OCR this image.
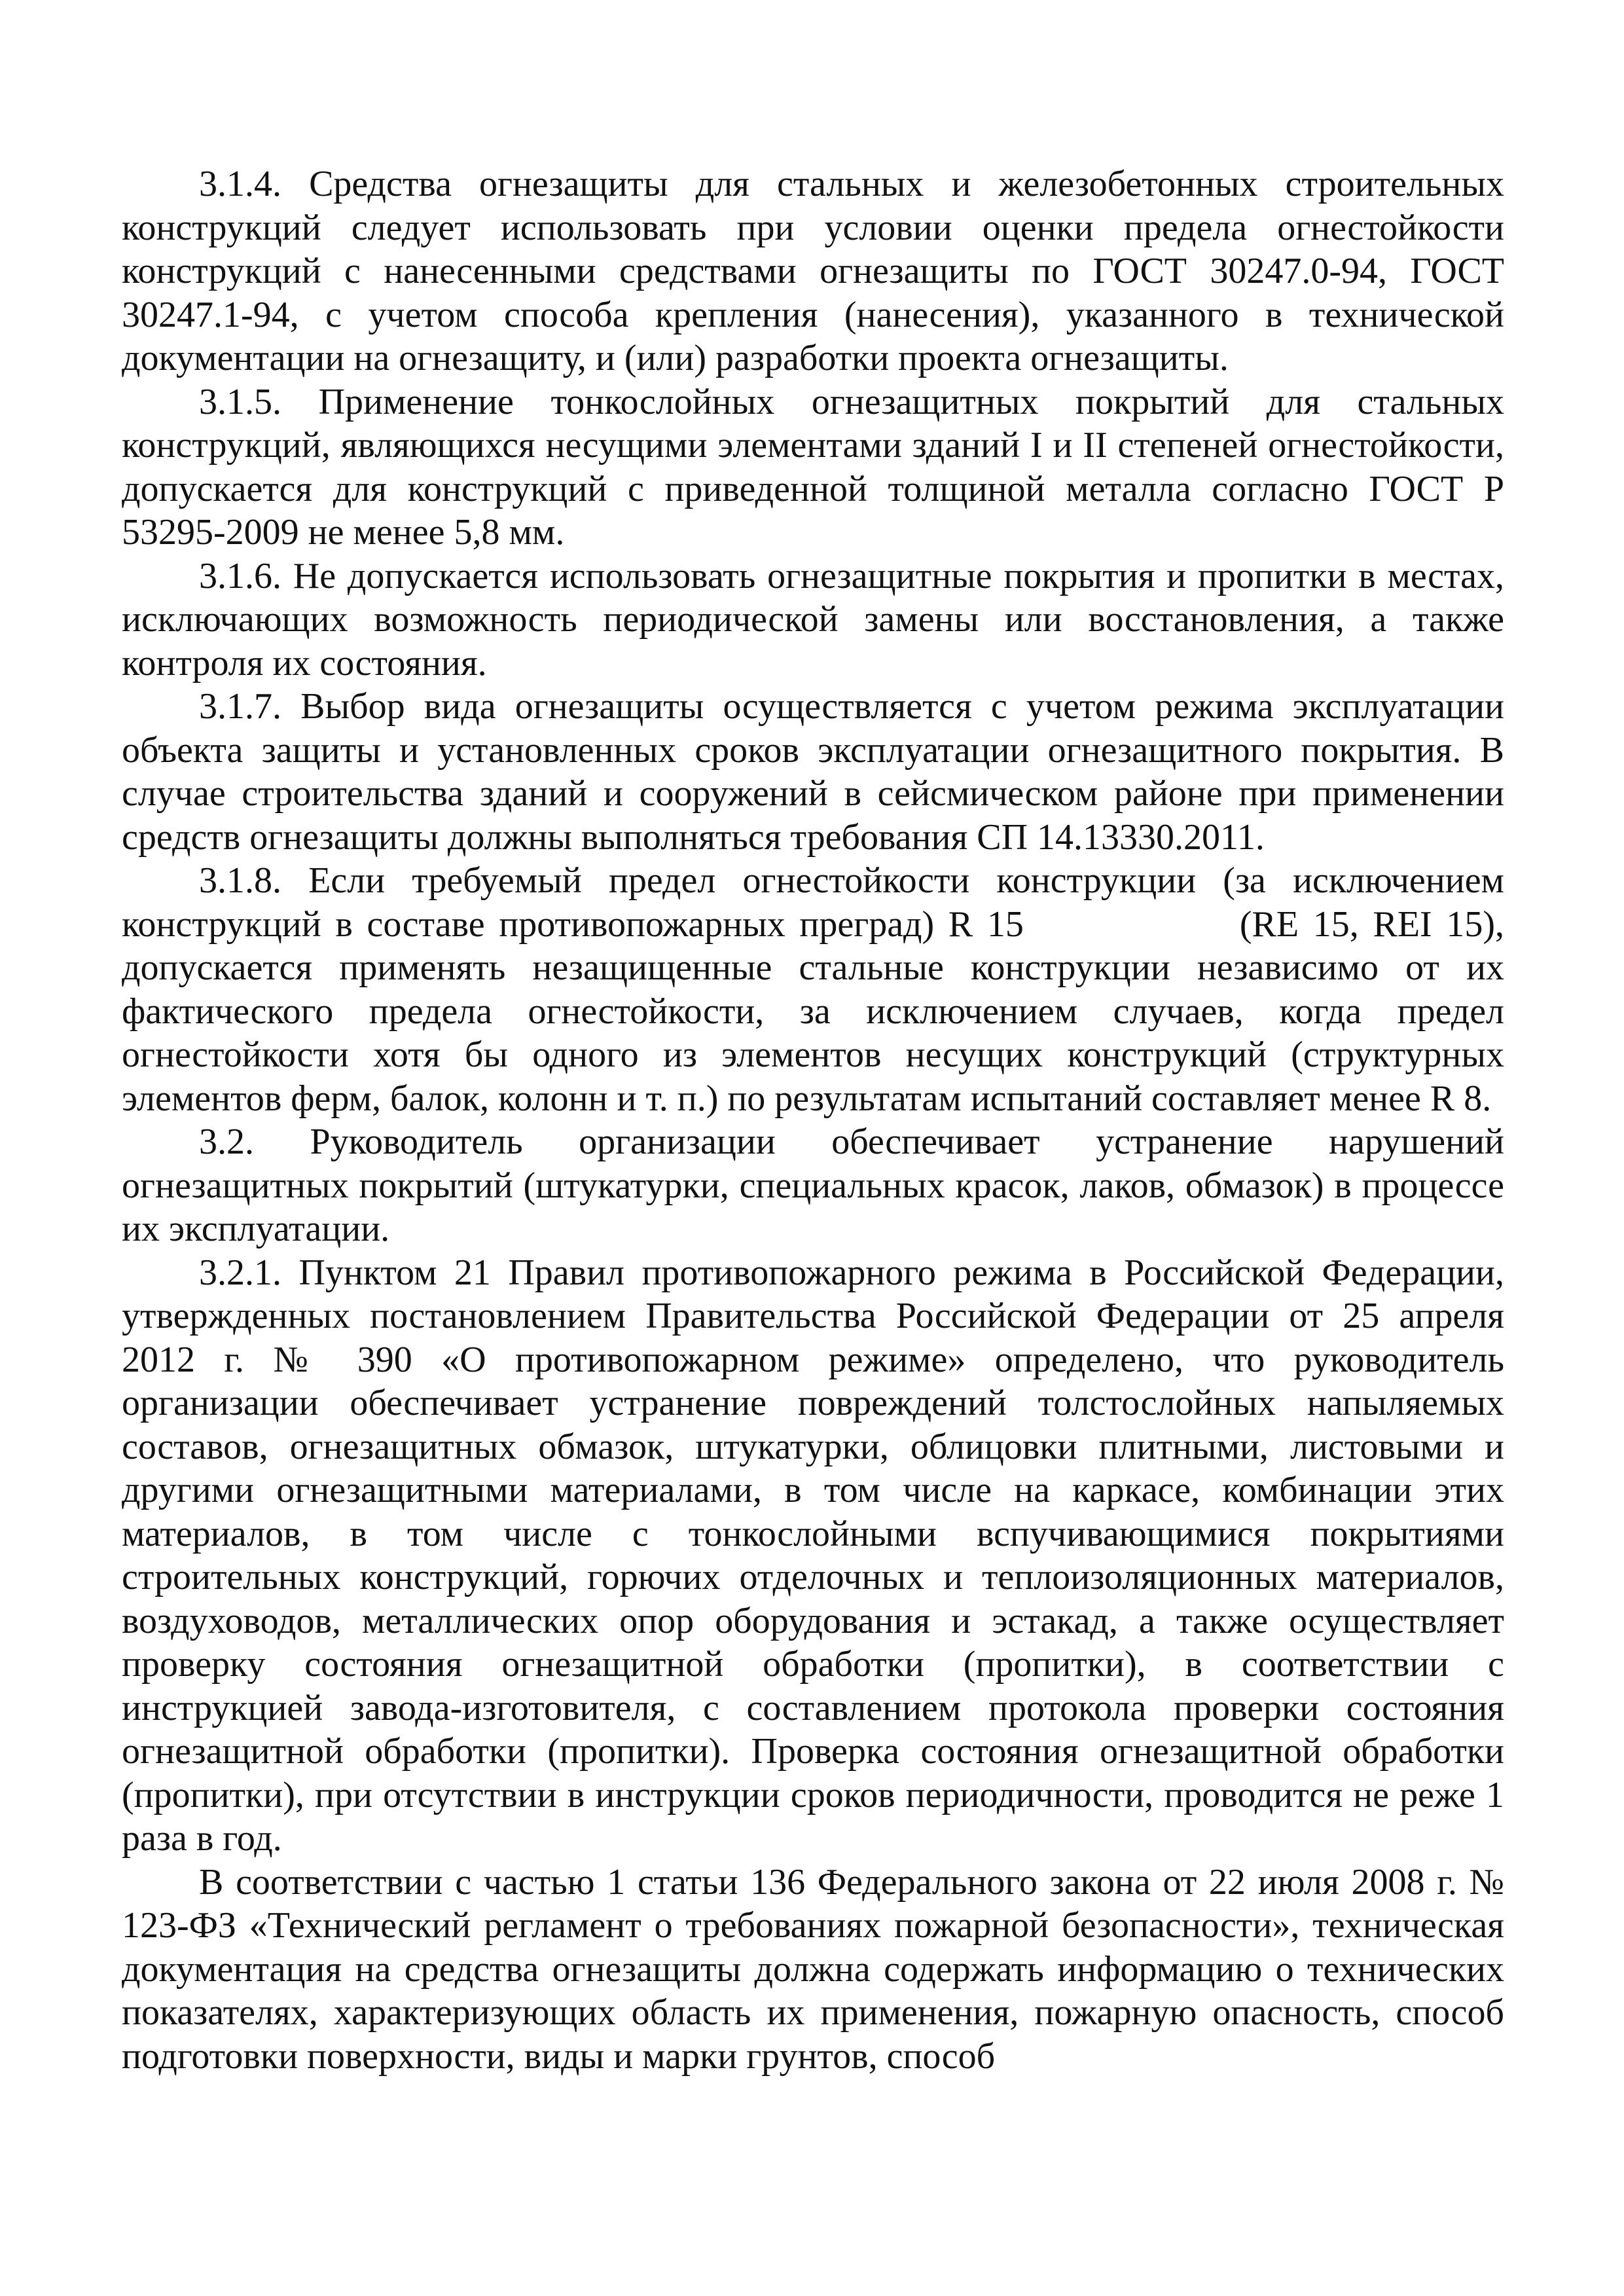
3.1.4. Средства огнезащиты для стальных и железобетонных строительных конструкций следует использовать при условии оценки предела огнестойкости конструкций с нанесенными средствами огнезащиты по ГОСТ 30247.0-94, ГОСТ 30247.1-94, с учетом способа крепления (нанесения), указанного в технической документации на огнезащиту, и (или) разработки проекта огнезащиты.

3.1.5. Применение тонкослойных огнезащитных покрытий для стальных конструкций, являющихся несущими элементами зданий I и II степеней огнестойкости, допускается для конструкций с приведенной толщиной металла согласно ГОСТ Р 53295-2009 не менее 5,8 мм.

3.1.6. Не допускается использовать огнезащитные покрытия и пропитки в местах, исключающих возможность периодической замены или восстановления, а также контроля их состояния.

3.1.7. Выбор вида огнезащиты осуществляется с учетом режима эксплуатации объекта защиты и установленных сроков эксплуатации огнезащитного покрытия. В случае строительства зданий и сооружений в сейсмическом районе при применении средств огнезащиты должны выполняться требования СП 14.13330.2011.

3.1.8. Если требуемый предел огнестойкости конструкции (за исключением конструкций в составе противопожарных преград) R 15	(RE 15, REI 15), допускается применять незащищенные стальные конструкции независимо от их фактического предела огнестойкости, за исключением случаев, когда предел огнестойкости хотя бы одного из элементов несущих конструкций (структурных элементов ферм, балок, колонн и т. п.) по результатам испытаний составляет менее R 8.

3.2. Руководитель организации обеспечивает устранение нарушений огнезащитных покрытий (штукатурки, специальных красок, лаков, обмазок) в процессе их эксплуатации.

3.2.1. Пунктом 21 Правил противопожарного режима в Российской Федерации, утвержденных постановлением Правительства Российской Федерации от 25 апреля 2012 г. № 390 «О противопожарном режиме» определено, что руководитель организации обеспечивает устранение повреждений толстослойных напыляемых составов, огнезащитных обмазок, штукатурки, облицовки плитными, листовыми и другими огнезащитными материалами, в том числе на каркасе, комбинации этих материалов, в том числе с тонкослойными вспучивающимися покрытиями строительных конструкций, горючих отделочных и теплоизоляционных материалов, воздуховодов, металлических опор оборудования и эстакад, а также осуществляет проверку состояния огнезащитной обработки (пропитки), в соответствии с инструкцией завода-изготовителя, с составлением протокола проверки состояния огнезащитной обработки (пропитки). Проверка состояния огнезащитной обработки (пропитки), при отсутствии в инструкции сроков периодичности, проводится не реже 1 раза в год.

В соответствии с частью 1 статьи 136 Федерального закона от 22 июля 2008 г. № 123-ФЗ «Технический регламент о требованиях пожарной безопасности», техническая документация на средства огнезащиты должна содержать информацию о технических показателях, характеризующих область их применения, пожарную опасность, способ подготовки поверхности, виды и марки грунтов, способ
